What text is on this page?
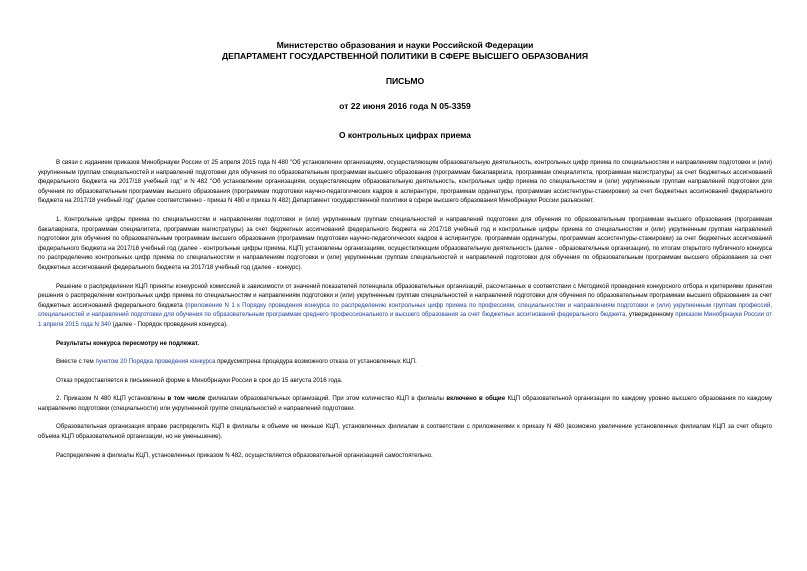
Министерство образования и науки Российской Федерации
ДЕПАРТАМЕНТ ГОСУДАРСТВЕННОЙ ПОЛИТИКИ В СФЕРЕ ВЫСШЕГО ОБРАЗОВАНИЯ
ПИСЬМО
от 22 июня 2016 года N 05-3359
О контрольных цифрах приема

В связи с изданием приказов Минобрнауки России от 25 апреля 2015 года N 480 "Об установлении организациям, осуществляющим образовательную деятельность, контрольных цифр приема по специальностям и направлениям подготовки и (или) укрупненным группам специальностей и направлений подготовки для обучения по образовательным программам высшего образования (программам бакалавриата, программам специалитета, программам магистратуры) за счет бюджетных ассигнований федерального бюджета на 2017/18 учебный год" и N 482 "Об установлении организациям, осуществляющим образовательную деятельность, контрольных цифр приема по специальностям и (или) укрупненным группам направлений подготовки для обучения по образовательным программам высшего образования (программам подготовки научно-педагогических кадров в аспирантуре, программам ординатуры, программам ассистентуры-стажировки) за счет бюджетных ассигнований федерального бюджета на 2017/18 учебный год" (далее соответственно - приказ N 480 и приказ N 482) Департамент государственной политики в сфере высшего образования Минобрнауки России разъясняет.

1. Контрольные цифры приема по специальностям и направлениям подготовки и (или) укрупненным группам специальностей и направлений подготовки для обучения по образовательным программам высшего образования (программам бакалавриата, программам специалитета, программам магистратуры) за счет бюджетных ассигнований федерального бюджета на 2017/18 учебный год и контрольные цифры приема по специальностям и (или) укрупненным группам направлений подготовки для обучения по образовательным программам высшего образования (программам подготовки научно-педагогических кадров в аспирантуре, программам ординатуры, программам ассистентуры-стажировки) за счет бюджетных ассигнований федерального бюджета на 2017/18 учебный год (далее - контрольные цифры приема, КЦП) установлены организациям, осуществляющим образовательную деятельность (далее - образовательные организации), по итогам открытого публичного конкурса по распределению контрольных цифр приема по специальностям и направлениям подготовки и (или) укрупненным группам специальностей и направлений подготовки для обучения по образовательным программам высшего образования за счет бюджетных ассигнований федерального бюджета на 2017/18 учебный год (далее - конкурс).

Решение о распределении КЦП приняты конкурсной комиссией в зависимости от значений показателей потенциала образовательных организаций, рассчитанных в соответствии с Методикой проведения конкурсного отбора и критериями принятия решения о распределении контрольных цифр приема по специальностям и направлениям подготовки и (или) укрупненным группам специальностей и направлений подготовки для обучения по образовательным программам высшего образования за счет бюджетных ассигнований федерального бюджета (приложение N 1 к Порядку проведения конкурса по распределению контрольных цифр приема по профессиям, специальностям и направлениям подготовки и (или) укрупненным группам профессий, специальностей и направлений подготовки для обучения по образовательным программам среднего профессионального и высшего образования за счет бюджетных ассигнований федерального бюджета, утвержденному приказом Минобрнауки России от 1 апреля 2015 года N 340 (далее - Порядок проведения конкурса).

Результаты конкурса пересмотру не подлежат.

Вместе с тем пунктом 20 Порядка проведения конкурса предусмотрена процедура возможного отказа от установленных КЦП.

Отказ предоставляется в письменной форме в Минобрнауки России в срок до 15 августа 2016 года.

2. Приказом N 480 КЦП установлены в том числе филиалам образовательных организаций. При этом количество КЦП в филиалы включено в общие КЦП образовательной организации по каждому уровню высшего образования по каждому направлению подготовки (специальности) или укрупненной группе специальностей и направлений подготовки.

Образовательная организация вправе распределить КЦП в филиалы в объеме не меньше КЦП, установленных филиалам в соответствии с приложениями к приказу N 480 (возможно увеличение установленных филиалам КЦП за счет общего объема КЦП образовательной организации, но не уменьшение).

Распределение в филиалы КЦП, установленных приказом N 482, осуществляется образовательной организацией самостоятельно.
